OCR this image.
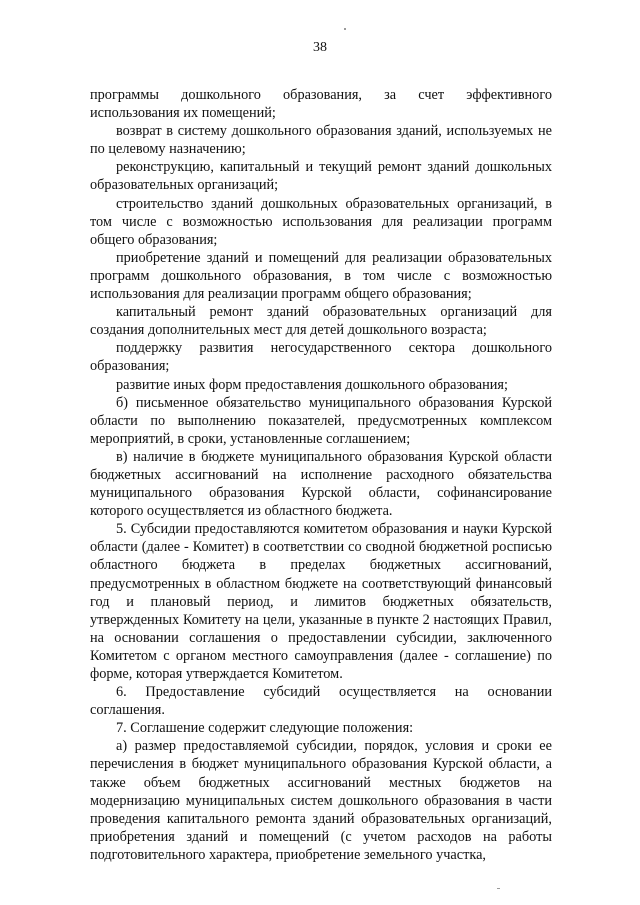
38

программы дошкольного образования, за счет эффективного использования их помещений;

возврат в систему дошкольного образования зданий, используемых не по целевому назначению;

реконструкцию, капитальный и текущий ремонт зданий дошкольных образовательных организаций;

строительство зданий дошкольных образовательных организаций, в том числе с возможностью использования для реализации программ общего образования;

приобретение зданий и помещений для реализации образовательных программ дошкольного образования, в том числе с возможностью использования для реализации программ общего образования;

капитальный ремонт зданий образовательных организаций для создания дополнительных мест для детей дошкольного возраста;

поддержку развития негосударственного сектора дошкольного образования;

развитие иных форм предоставления дошкольного образования;

б) письменное обязательство муниципального образования Курской области по выполнению показателей, предусмотренных комплексом мероприятий, в сроки, установленные соглашением;

в) наличие в бюджете муниципального образования Курской области бюджетных ассигнований на исполнение расходного обязательства муниципального образования Курской области, софинансирование которого осуществляется из областного бюджета.

5. Субсидии предоставляются комитетом образования и науки Курской области (далее - Комитет) в соответствии со сводной бюджетной росписью областного бюджета в пределах бюджетных ассигнований, предусмотренных в областном бюджете на соответствующий финансовый год и плановый период, и лимитов бюджетных обязательств, утвержденных Комитету на цели, указанные в пункте 2 настоящих Правил, на основании соглашения о предоставлении субсидии, заключенного Комитетом с органом местного самоуправления (далее - соглашение) по форме, которая утверждается Комитетом.

6. Предоставление субсидий осуществляется на основании соглашения.

7. Соглашение содержит следующие положения:

а) размер предоставляемой субсидии, порядок, условия и сроки ее перечисления в бюджет муниципального образования Курской области, а также объем бюджетных ассигнований местных бюджетов на модернизацию муниципальных систем дошкольного образования в части проведения капитального ремонта зданий образовательных организаций, приобретения зданий и помещений (с учетом расходов на работы подготовительного характера, приобретение земельного участка,
